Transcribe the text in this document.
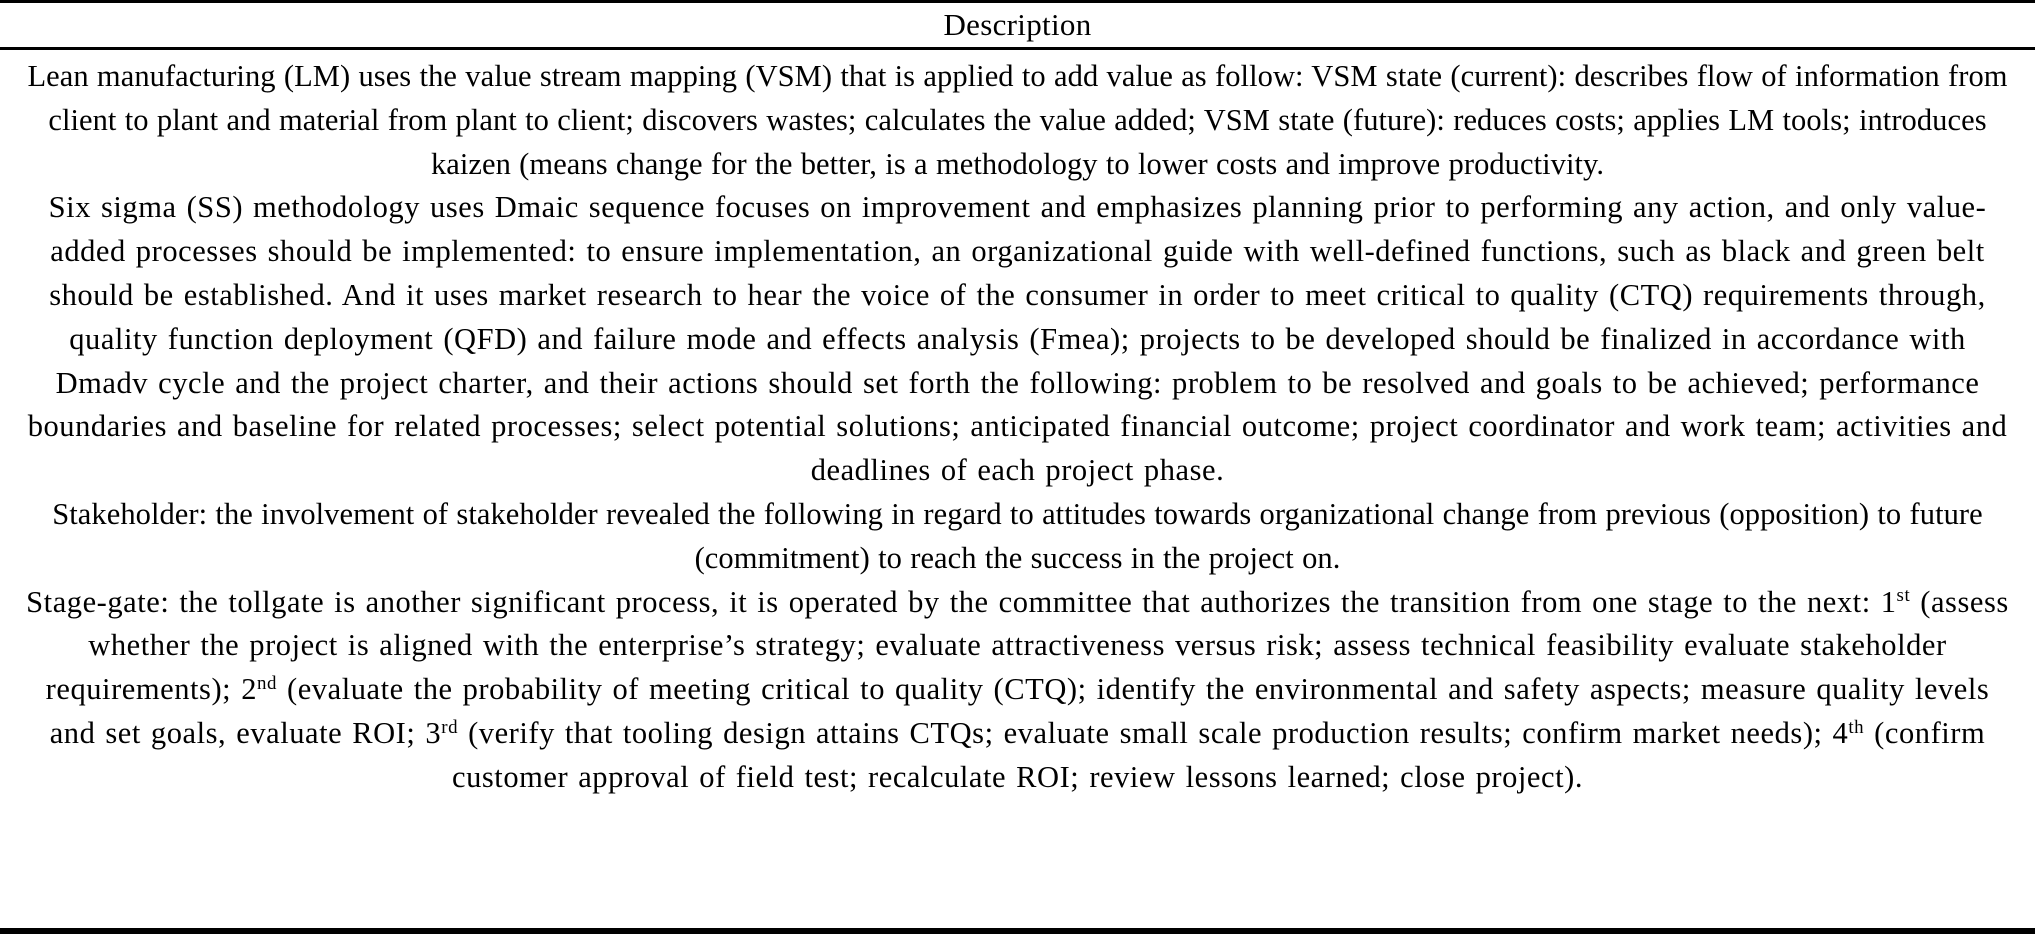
Description

Lean manufacturing (LM) uses the value stream mapping (VSM) that is applied to add value as follow: VSM state (current): describes flow of information from client to plant and material from plant to client; discovers wastes; calculates the value added; VSM state (future): reduces costs; applies LM tools; introduces kaizen (means change for the better, is a methodology to lower costs and improve productivity.

Six sigma (SS) methodology uses Dmaic sequence focuses on improvement and emphasizes planning prior to performing any action, and only value-added processes should be implemented: to ensure implementation, an organizational guide with well-defined functions, such as black and green belt should be established. And it uses market research to hear the voice of the consumer in order to meet critical to quality (CTQ) requirements through, quality function deployment (QFD) and failure mode and effects analysis (Fmea); projects to be developed should be finalized in accordance with Dmadv cycle and the project charter, and their actions should set forth the following: problem to be resolved and goals to be achieved; performance boundaries and baseline for related processes; select potential solutions; anticipated financial outcome; project coordinator and work team; activities and deadlines of each project phase.

Stakeholder: the involvement of stakeholder revealed the following in regard to attitudes towards organizational change from previous (opposition) to future (commitment) to reach the success in the project on.

Stage-gate: the tollgate is another significant process, it is operated by the committee that authorizes the transition from one stage to the next: 1st (assess whether the project is aligned with the enterprise’s strategy; evaluate attractiveness versus risk; assess technical feasibility evaluate stakeholder requirements); 2nd (evaluate the probability of meeting critical to quality (CTQ); identify the environmental and safety aspects; measure quality levels and set goals, evaluate ROI; 3rd (verify that tooling design attains CTQs; evaluate small scale production results; confirm market needs); 4th (confirm customer approval of field test; recalculate ROI; review lessons learned; close project).
